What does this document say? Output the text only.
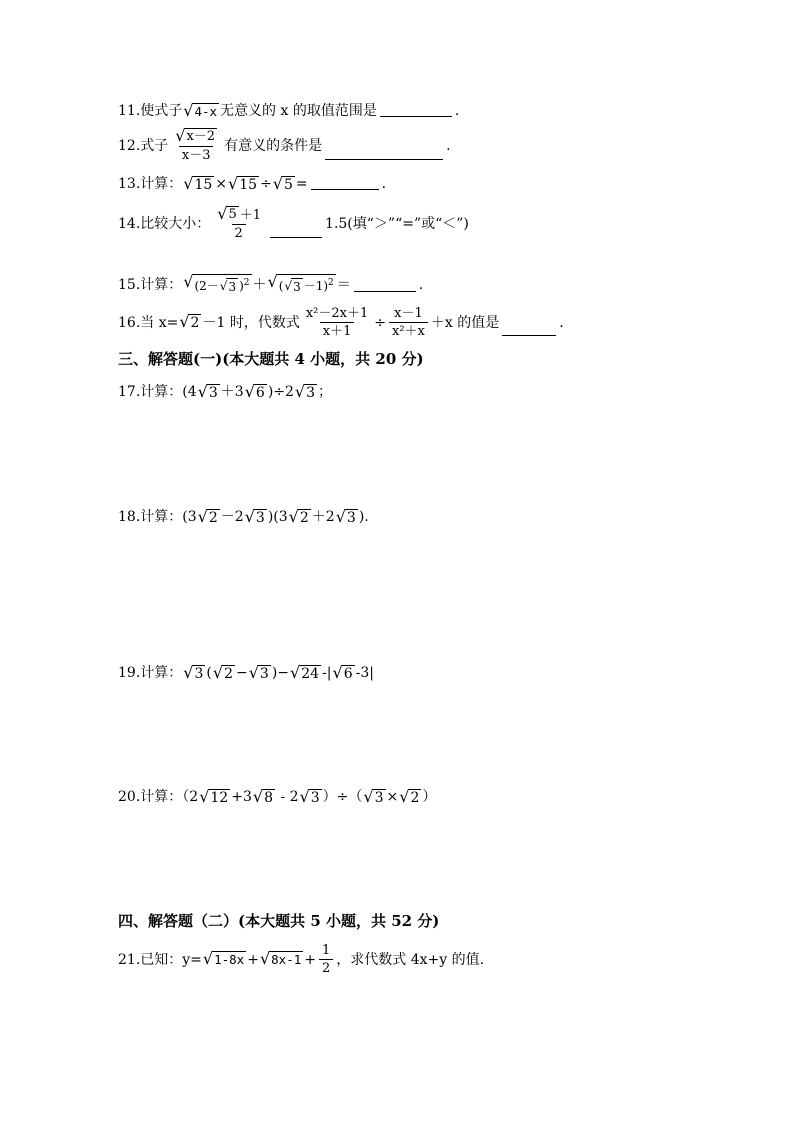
11. 使式子 √ 4-x 无意义的 x 的取值范围是	.
12. 式子 $\frac{√ x-2}{x-3}$ 有意义的条件是	.
13. 计算： √ 15 × √ 15 ÷ √ 5 =	.
14. 比较大小： $\frac{√ 5 +1}{2}$	1.5(填“＞”“=”或“＜”)
15. 计算： √ (2－ √ 3 )$^2$ ＋ √ ( √ 3 －1)$^2$ ＝	.
16. 当 x= √ 2 －1 时，代数式 $\frac{\text{x²－2x＋1}}{x+1} \div \frac{x-1}{\text{x²＋x}} +x$ 的值是	.
三、解答题(一)(本大题共 4 小题，共 20 分)
17. 计算： (4 √ 3 ＋3 √ 6 )÷2 √ 3 ；
18. 计算： (3 √ 2 －2 √ 3 )(3 √ 2 ＋2 √ 3 ).
19. 计算： √ 3 ( √ 2 − √ 3 )− √ 24 -| √ 6 -3|
20. 计算：（2 √ 12 +3 √ 8 - 2 √ 3 ）÷（ √ 3 × √ 2 ）
四、解答题（二）(本大题共 5 小题，共 52 分)
21. 已知：y= √ 1-8x + √ $8x-1 + \frac{1}{2}$ ，求代数式 4x+y 的值.
